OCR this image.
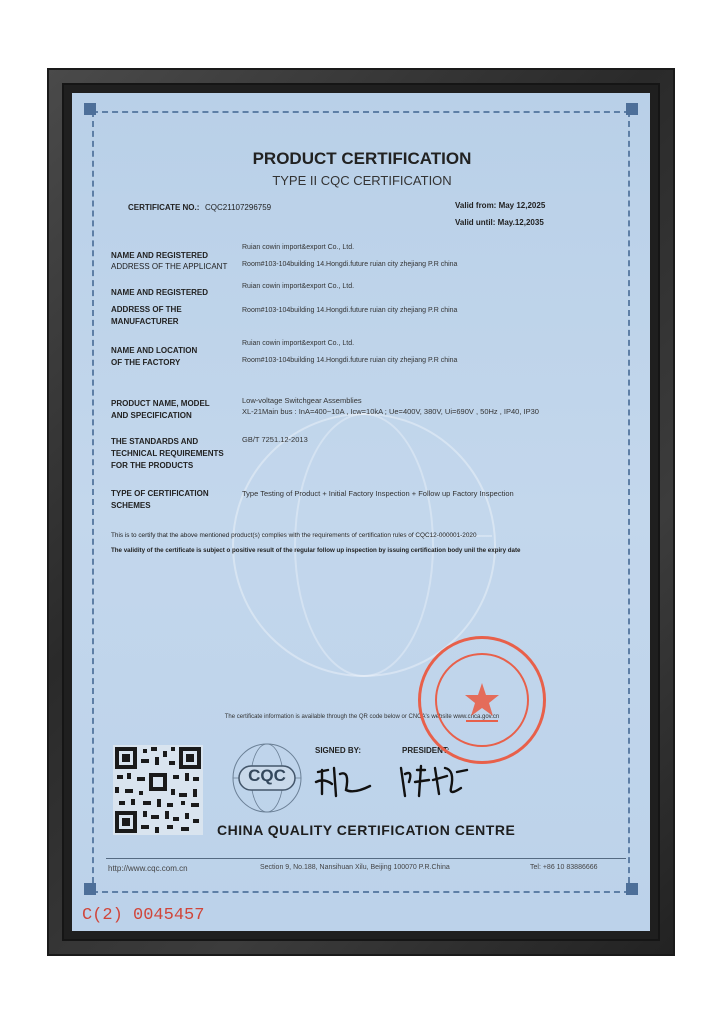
PRODUCT CERTIFICATION
TYPE II CQC CERTIFICATION
CERTIFICATE NO.: CQC21107296759	Valid from: May 12,2025
Valid until: May.12,2035
NAME AND REGISTERED
ADDRESS OF THE APPLICANT
Ruian cowin import&export Co., Ltd.
Room#103-104building 14.Hongdi.future ruian city zhejiang P.R china
NAME AND REGISTERED
ADDRESS OF THE
MANUFACTURER
Ruian cowin import&export Co., Ltd.
Room#103-104building 14.Hongdi.future ruian city zhejiang P.R china
NAME AND LOCATION
OF THE FACTORY
Ruian cowin import&export Co., Ltd.
Room#103-104building 14.Hongdi.future ruian city zhejiang P.R china
PRODUCT NAME, MODEL
AND SPECIFICATION
Low-voltage Switchgear Assemblies
XL-21Main bus : InA=400~10A , Icw=10kA ; Ue=400V, 380V, Ui=690V , 50Hz , IP40, IP30
THE STANDARDS AND
TECHNICAL REQUIREMENTS
FOR THE PRODUCTS
GB/T 7251.12-2013
TYPE OF CERTIFICATION
SCHEMES
Type Testing of Product + Initial Factory Inspection + Follow up Factory Inspection
This is to certify that the above mentioned product(s) complies with the requirements of certification rules of CQC12-000001-2020
The validity of the certificate is subject o positive result of the regular follow up inspection by issuing certification body unil the expiry date
The certificate information is available through the QR code below or CNCA's website www.cnca.gov.cn
CQC
SIGNED BY:	PRESIDENT:
CHINA QUALITY CERTIFICATION CENTRE
http://www.cqc.com.cn	Section 9, No.188, Nansihuan Xilu, Beijing 100070 P.R.China	Tel: +86 10 83886666
C(2) 0045457
